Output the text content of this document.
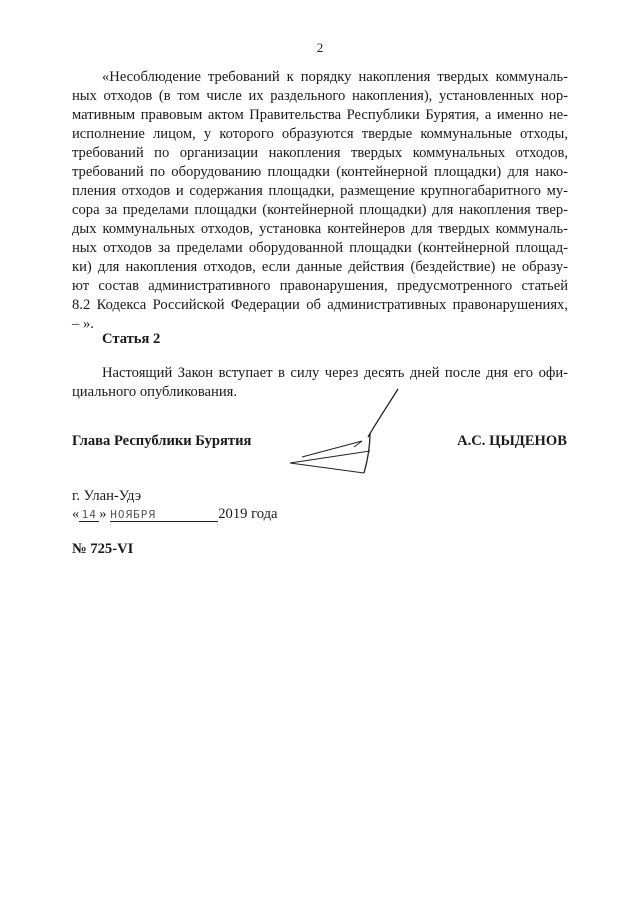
2

«Несоблюдение требований к порядку накопления твердых коммуналь-
ных отходов (в том числе их раздельного накопления), установленных нор-
мативным правовым актом Правительства Республики Бурятия, а именно не-
исполнение лицом, у которого образуются твердые коммунальные отходы,
требований по организации накопления твердых коммунальных отходов,
требований по оборудованию площадки (контейнерной площадки) для нако-
пления отходов и содержания площадки, размещение крупногабаритного му-
сора за пределами площадки (контейнерной площадки) для накопления твер-
дых коммунальных отходов, установка контейнеров для твердых коммуналь-
ных отходов за пределами оборудованной площадки (контейнерной площад-
ки) для накопления отходов, если данные действия (бездействие) не образу-
ют состав административного правонарушения, предусмотренного статьей
8.2 Кодекса Российской Федерации об административных правонарушениях,
– ».

Статья 2

Настоящий Закон вступает в силу через десять дней после дня его офи-
циального опубликования.

Глава Республики Бурятия	А.С. ЦЫДЕНОВ
г. Улан-Удэ
« 14 » НОЯБРЯ	2019 года
№ 725-VI
